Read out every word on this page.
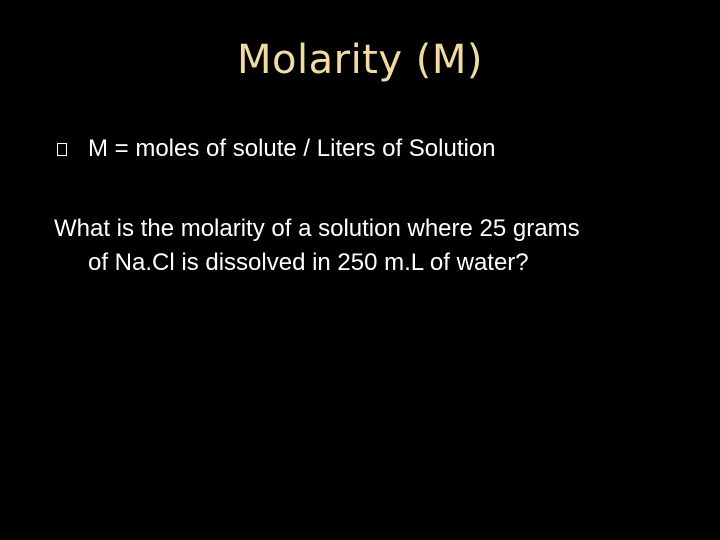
Molarity (M)
M = moles of solute / Liters of Solution
What is the molarity of a solution where 25 grams
of Na.Cl is dissolved in 250 m.L of water?
